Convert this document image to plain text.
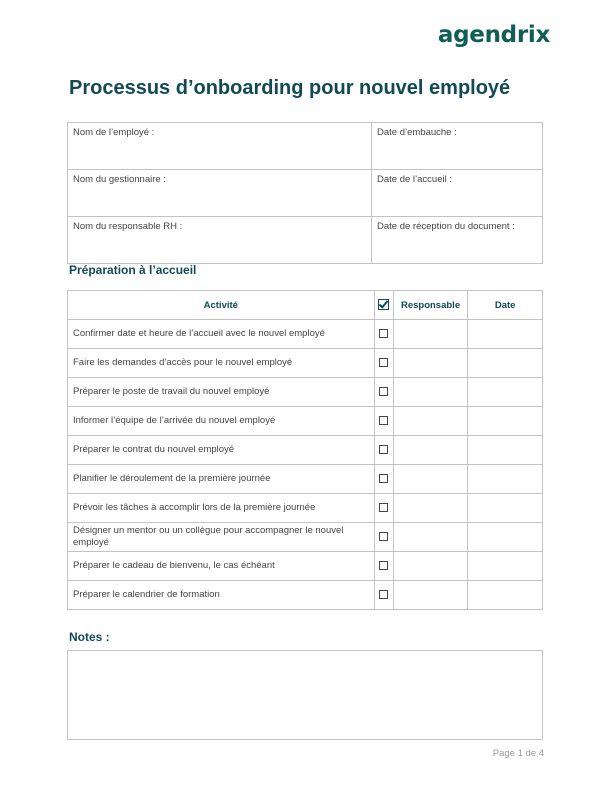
agendrix
Processus d’onboarding pour nouvel employé
Nom de l’employé :	Date d’embauche :
Nom du gestionnaire :	Date de l’accueil :
Nom du responsable RH :	Date de réception du document :
Préparation à l’accueil
Activité		Responsable	Date
Confirmer date et heure de l’accueil avec le nouvel employé			
Faire les demandes d’accès pour le nouvel employé			
Préparer le poste de travail du nouvel employé			
Informer l’équipe de l’arrivée du nouvel employé			
Préparer le contrat du nouvel employé			
Planifier le déroulement de la première journée			
Prévoir les tâches à accomplir lors de la première journée			
Désigner un mentor ou un collègue pour accompagner le nouvel employé			
Préparer le cadeau de bienvenu, le cas échéant			
Préparer le calendrier de formation			
Notes :
Page 1 de 4
